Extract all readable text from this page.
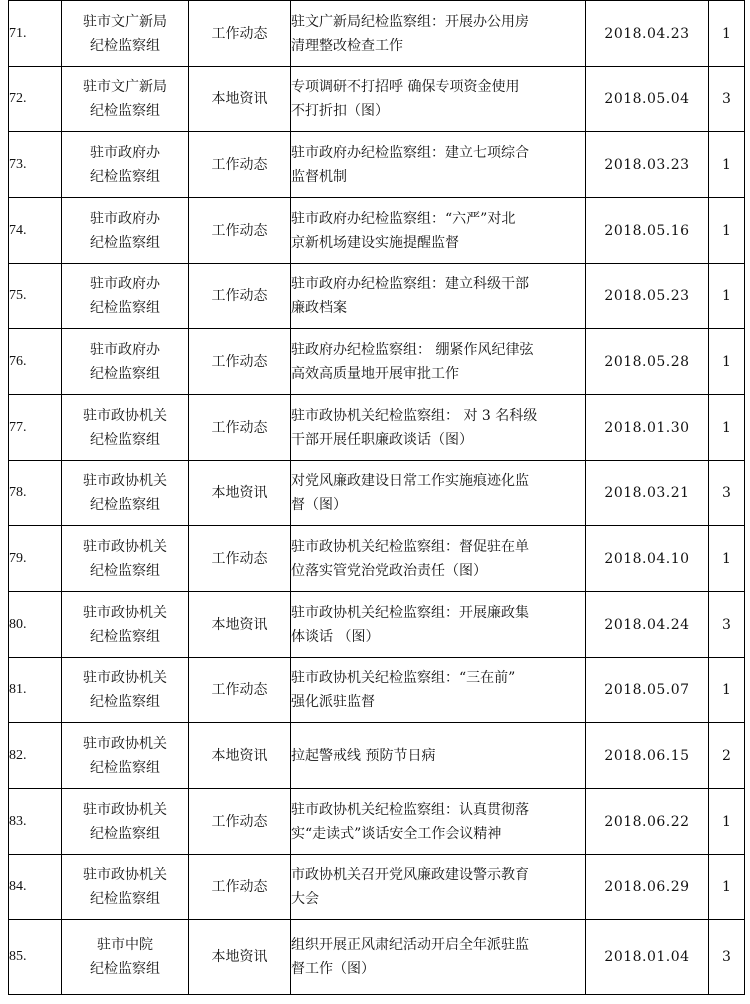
71.	驻市文广新局
纪检监察组	工作动态	驻文广新局纪检监察组：开展办公用房
清理整改检查工作	2018.04.23	1
72.	驻市文广新局
纪检监察组	本地资讯	专项调研不打招呼 确保专项资金使用
不打折扣（图）	2018.05.04	3
73.	驻市政府办
纪检监察组	工作动态	驻市政府办纪检监察组：建立七项综合
监督机制	2018.03.23	1
74.	驻市政府办
纪检监察组	工作动态	驻市政府办纪检监察组：“六严”对北
京新机场建设实施提醒监督	2018.05.16	1
75.	驻市政府办
纪检监察组	工作动态	驻市政府办纪检监察组：建立科级干部
廉政档案	2018.05.23	1
76.	驻市政府办
纪检监察组	工作动态	驻政府办纪检监察组： 绷紧作风纪律弦
高效高质量地开展审批工作	2018.05.28	1
77.	驻市政协机关
纪检监察组	工作动态	驻市政协机关纪检监察组： 对 3 名科级
干部开展任职廉政谈话（图）	2018.01.30	1
78.	驻市政协机关
纪检监察组	本地资讯	对党风廉政建设日常工作实施痕迹化监
督（图）	2018.03.21	3
79.	驻市政协机关
纪检监察组	工作动态	驻市政协机关纪检监察组：督促驻在单
位落实管党治党政治责任（图）	2018.04.10	1
80.	驻市政协机关
纪检监察组	本地资讯	驻市政协机关纪检监察组：开展廉政集
体谈话 （图）	2018.04.24	3
81.	驻市政协机关
纪检监察组	工作动态	驻市政协机关纪检监察组：“三在前”
强化派驻监督	2018.05.07	1
82.	驻市政协机关
纪检监察组	本地资讯	拉起警戒线 预防节日病	2018.06.15	2
83.	驻市政协机关
纪检监察组	工作动态	驻市政协机关纪检监察组：认真贯彻落
实“走读式”谈话安全工作会议精神	2018.06.22	1
84.	驻市政协机关
纪检监察组	工作动态	市政协机关召开党风廉政建设警示教育
大会	2018.06.29	1
85.	驻市中院
纪检监察组	本地资讯	组织开展正风肃纪活动开启全年派驻监
督工作（图）	2018.01.04	3
